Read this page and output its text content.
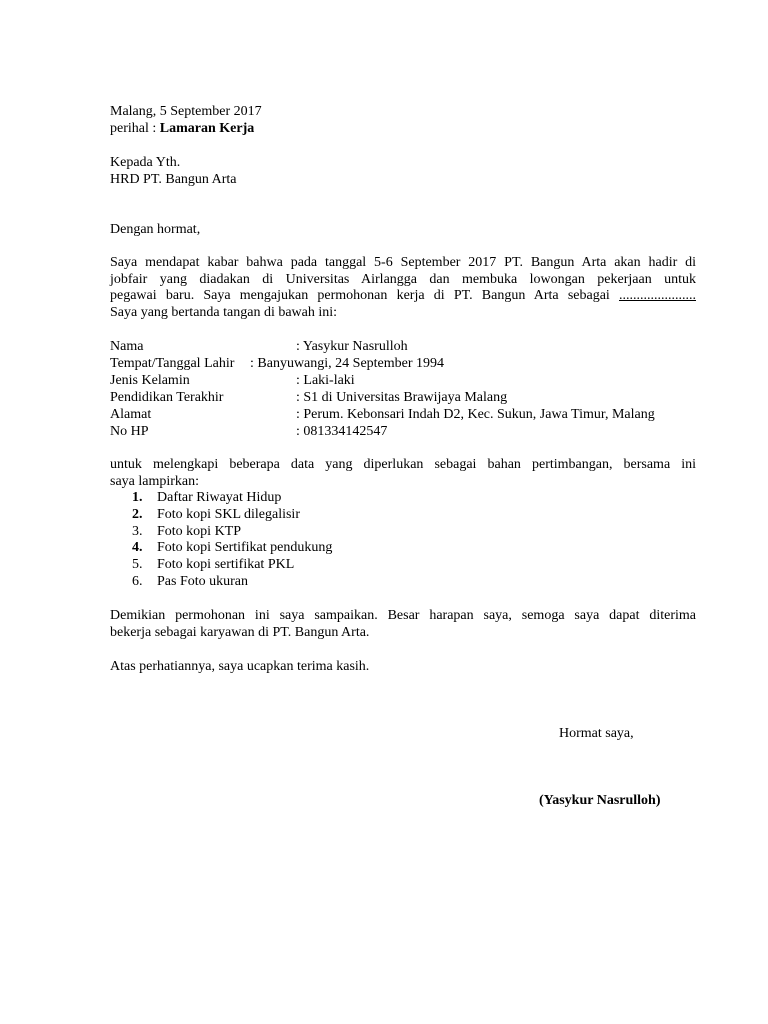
Malang, 5 September 2017
perihal : Lamaran Kerja
Kepada Yth.
HRD PT. Bangun Arta
Dengan hormat,
Saya mendapat kabar bahwa pada tanggal 5-6 September 2017 PT. Bangun Arta akan hadir di
jobfair yang diadakan di Universitas Airlangga dan membuka lowongan pekerjaan untuk
pegawai baru. Saya mengajukan permohonan kerja di PT. Bangun Arta sebagai ......................
Saya yang bertanda tangan di bawah ini:
Nama	: Yasykur Nasrulloh
Tempat/Tanggal Lahir : Banyuwangi, 24 September 1994
Jenis Kelamin	: Laki-laki
Pendidikan Terakhir	: S1 di Universitas Brawijaya Malang
Alamat	: Perum. Kebonsari Indah D2, Kec. Sukun, Jawa Timur, Malang
No HP	: 081334142547
untuk melengkapi beberapa data yang diperlukan sebagai bahan pertimbangan, bersama ini
saya lampirkan:
1. Daftar Riwayat Hidup
2. Foto kopi SKL dilegalisir
3. Foto kopi KTP
4. Foto kopi Sertifikat pendukung
5. Foto kopi sertifikat PKL
6. Pas Foto ukuran
Demikian permohonan ini saya sampaikan. Besar harapan saya, semoga saya dapat diterima
bekerja sebagai karyawan di PT. Bangun Arta.
Atas perhatiannya, saya ucapkan terima kasih.
Hormat saya,
(Yasykur Nasrulloh)
